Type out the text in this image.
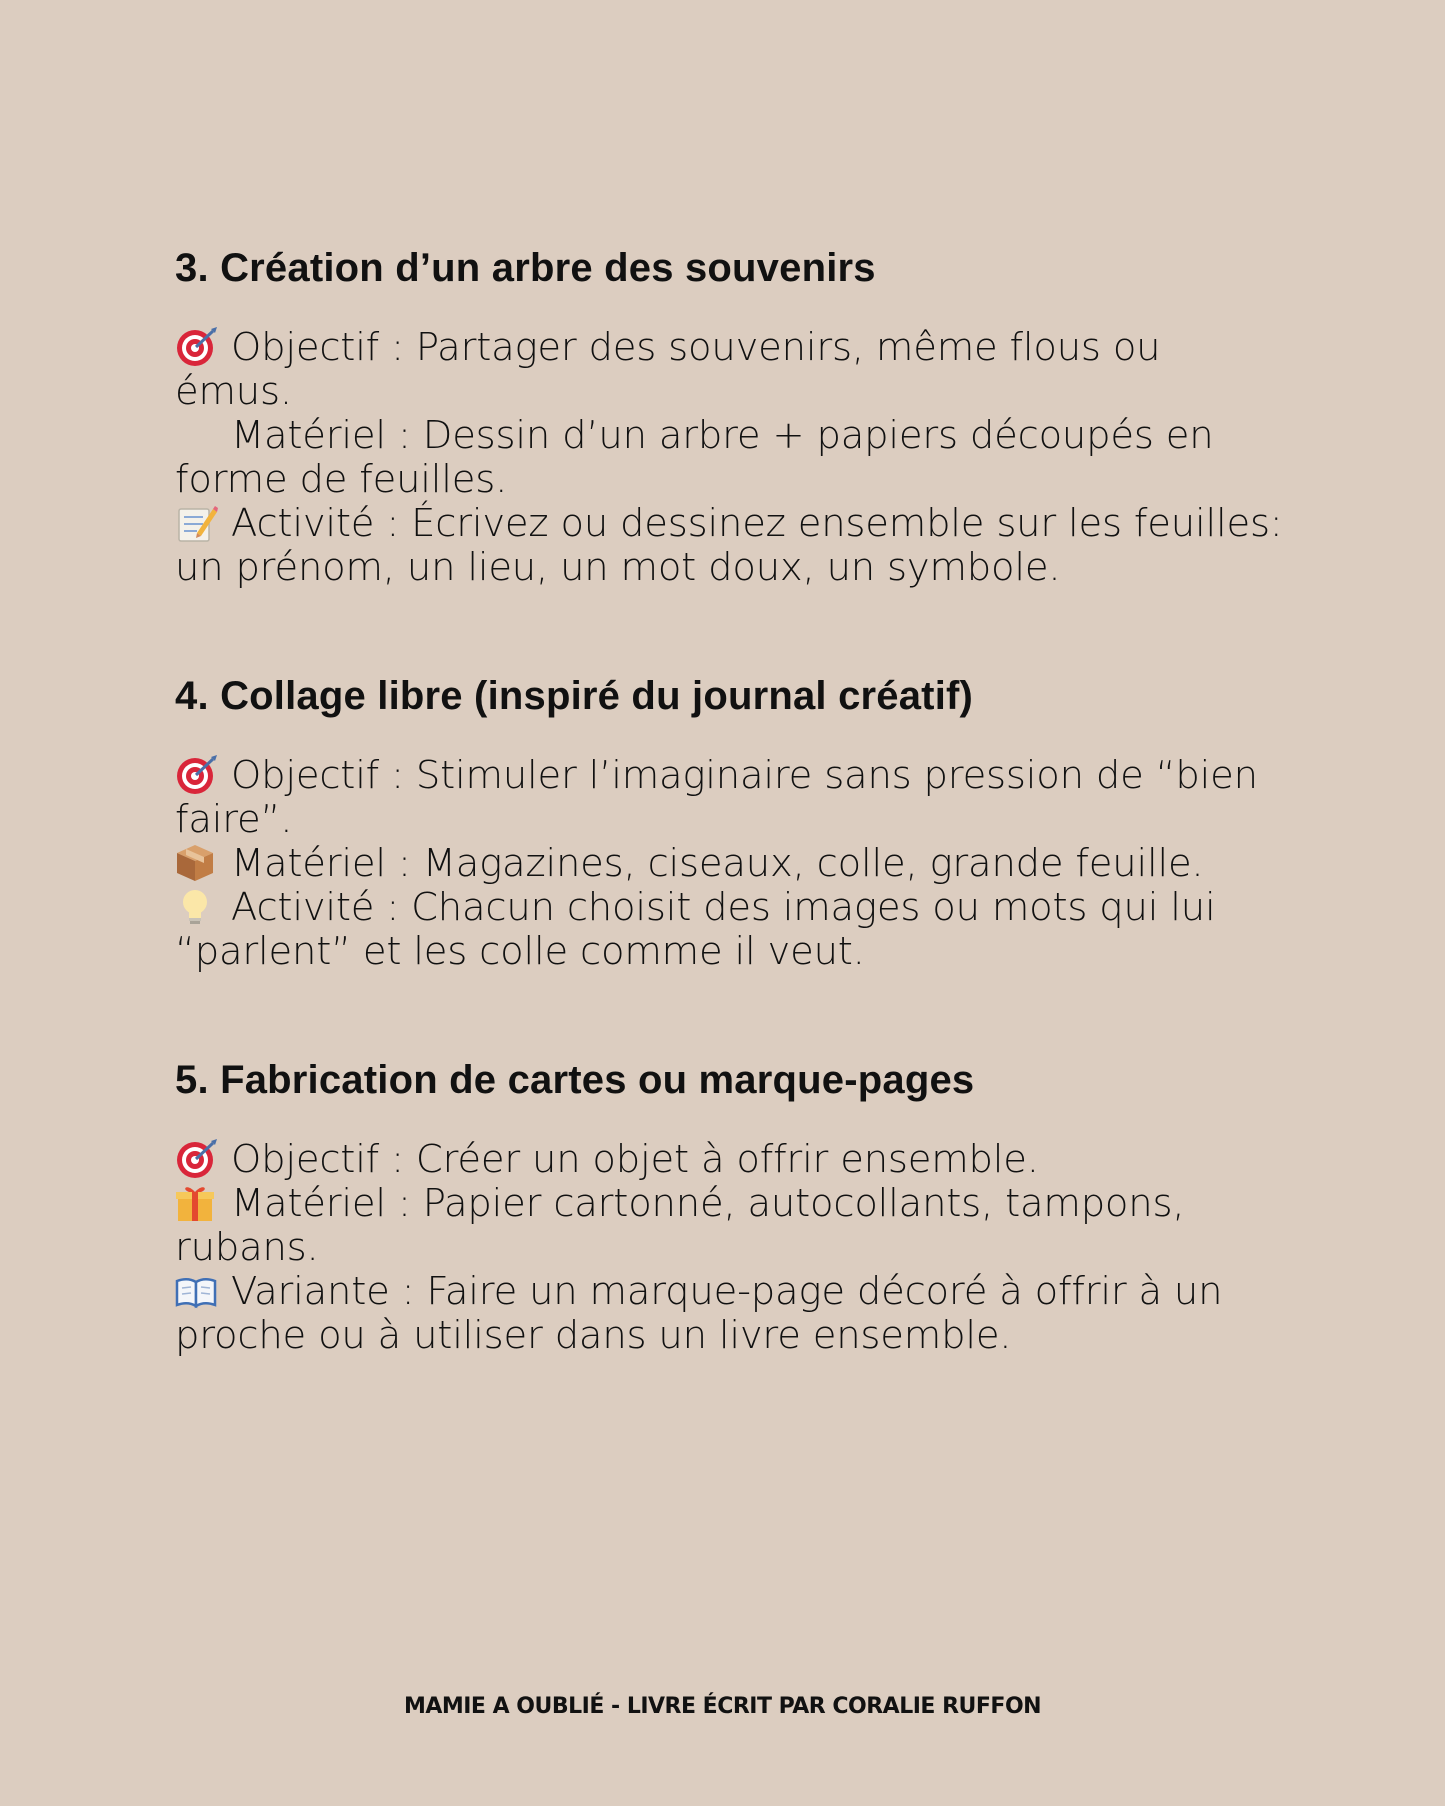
3. Création d’un arbre des souvenirs

Objectif : Partager des souvenirs, même flous ou
émus.

Matériel : Dessin d’un arbre + papiers découpés en
forme de feuilles.

Activité : Écrivez ou dessinez ensemble sur les feuilles:
un prénom, un lieu, un mot doux, un symbole.

4. Collage libre (inspiré du journal créatif)

Objectif : Stimuler l’imaginaire sans pression de “bien
faire”.

Matériel : Magazines, ciseaux, colle, grande feuille.

Activité : Chacun choisit des images ou mots qui lui
“parlent” et les colle comme il veut.

5. Fabrication de cartes ou marque-pages

Objectif : Créer un objet à offrir ensemble.

Matériel : Papier cartonné, autocollants, tampons,
rubans.

Variante : Faire un marque-page décoré à offrir à un
proche ou à utiliser dans un livre ensemble.

MAMIE A OUBLIÉ - LIVRE ÉCRIT PAR CORALIE RUFFON
